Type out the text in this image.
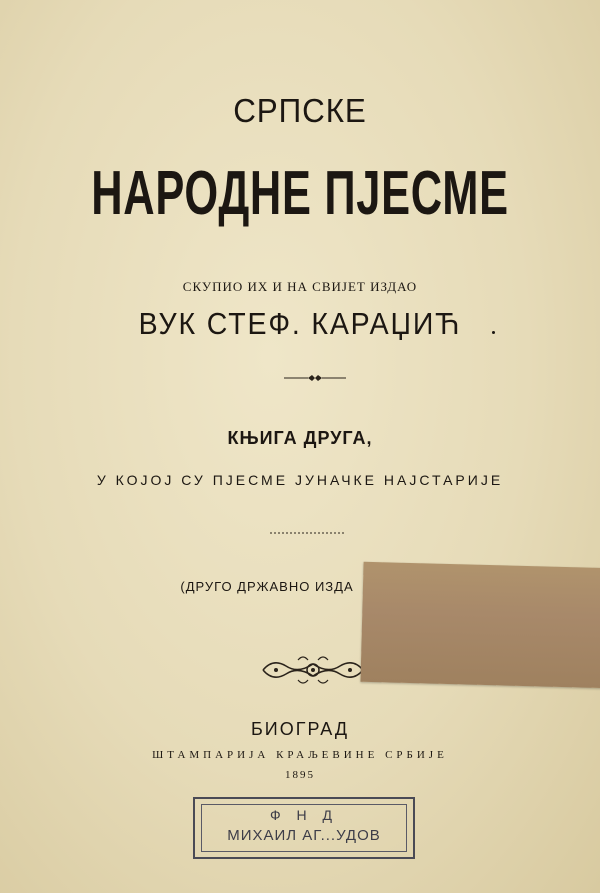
СРПСКЕ
НАРОДНЕ ПЈЕСМЕ
СКУПИО ИХ И НА СВИЈЕТ ИЗДАО
ВУК СТЕФ. КАРАЏИЋ
КЊИГА ДРУГА,
У КОЈОЈ СУ ПЈЕСМЕ ЈУНАЧКЕ НАЈСТАРИЈЕ
(ДРУГО ДРЖАВНО ИЗДА
БИОГРАД
ШТАМПАРИЈА КРАЉЕВИНЕ СРБИЈЕ
1895
Ф Н Д
МИХАИЛ АГ...УДОВ
